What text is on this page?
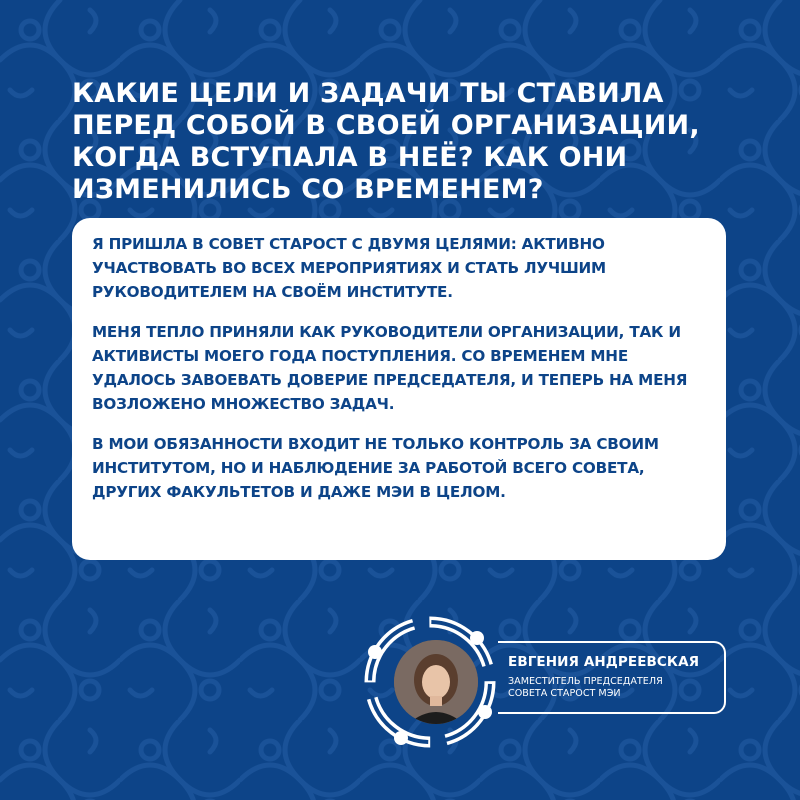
КАКИЕ ЦЕЛИ И ЗАДАЧИ ТЫ СТАВИЛА ПЕРЕД СОБОЙ В СВОЕЙ ОРГАНИЗАЦИИ, КОГДА ВСТУПАЛА В НЕЁ? КАК ОНИ ИЗМЕНИЛИСЬ СО ВРЕМЕНЕМ?

Я ПРИШЛА В СОВЕТ СТАРОСТ С ДВУМЯ ЦЕЛЯМИ: АКТИВНО УЧАСТВОВАТЬ ВО ВСЕХ МЕРОПРИЯТИЯХ И СТАТЬ ЛУЧШИМ РУКОВОДИТЕЛЕМ НА СВОЁМ ИНСТИТУТЕ.

МЕНЯ ТЕПЛО ПРИНЯЛИ КАК РУКОВОДИТЕЛИ ОРГАНИЗАЦИИ, ТАК И АКТИВИСТЫ МОЕГО ГОДА ПОСТУПЛЕНИЯ. СО ВРЕМЕНЕМ МНЕ УДАЛОСЬ ЗАВОЕВАТЬ ДОВЕРИЕ ПРЕДСЕДАТЕЛЯ, И ТЕПЕРЬ НА МЕНЯ ВОЗЛОЖЕНО МНОЖЕСТВО ЗАДАЧ.

В МОИ ОБЯЗАННОСТИ ВХОДИТ НЕ ТОЛЬКО КОНТРОЛЬ ЗА СВОИМ ИНСТИТУТОМ, НО И НАБЛЮДЕНИЕ ЗА РАБОТОЙ ВСЕГО СОВЕТА, ДРУГИХ ФАКУЛЬТЕТОВ И ДАЖЕ МЭИ В ЦЕЛОМ.

ЕВГЕНИЯ АНДРЕЕВСКАЯ

ЗАМЕСТИТЕЛЬ ПРЕДСЕДАТЕЛЯ
СОВЕТА СТАРОСТ МЭИ
